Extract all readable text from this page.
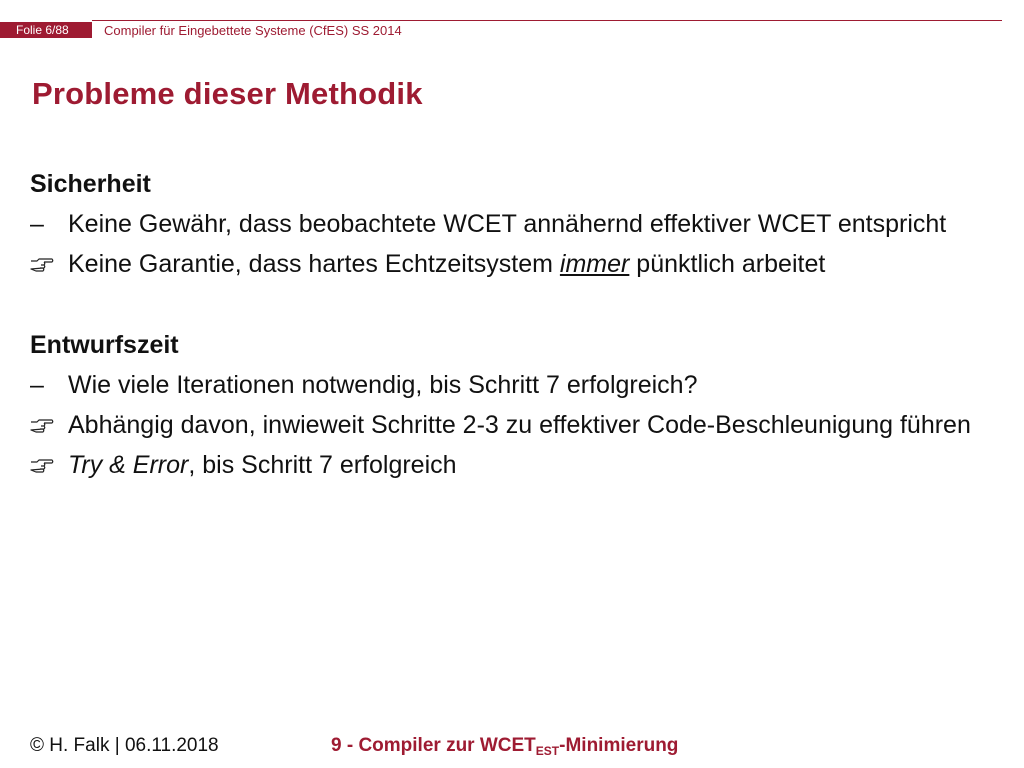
Folie 6/88	Compiler für Eingebettete Systeme (CfES) SS 2014
Probleme dieser Methodik
Sicherheit
– Keine Gewähr, dass beobachtete WCET annähernd effektiver WCET entspricht
Keine Garantie, dass hartes Echtzeitsystem immer pünktlich arbeitet
Entwurfszeit
– Wie viele Iterationen notwendig, bis Schritt 7 erfolgreich?
Abhängig davon, inwieweit Schritte 2-3 zu effektiver Code-Beschleunigung führen
Try & Error, bis Schritt 7 erfolgreich
© H. Falk | 06.11.2018	9 - Compiler zur $WCET_{EST}$-Minimierung
